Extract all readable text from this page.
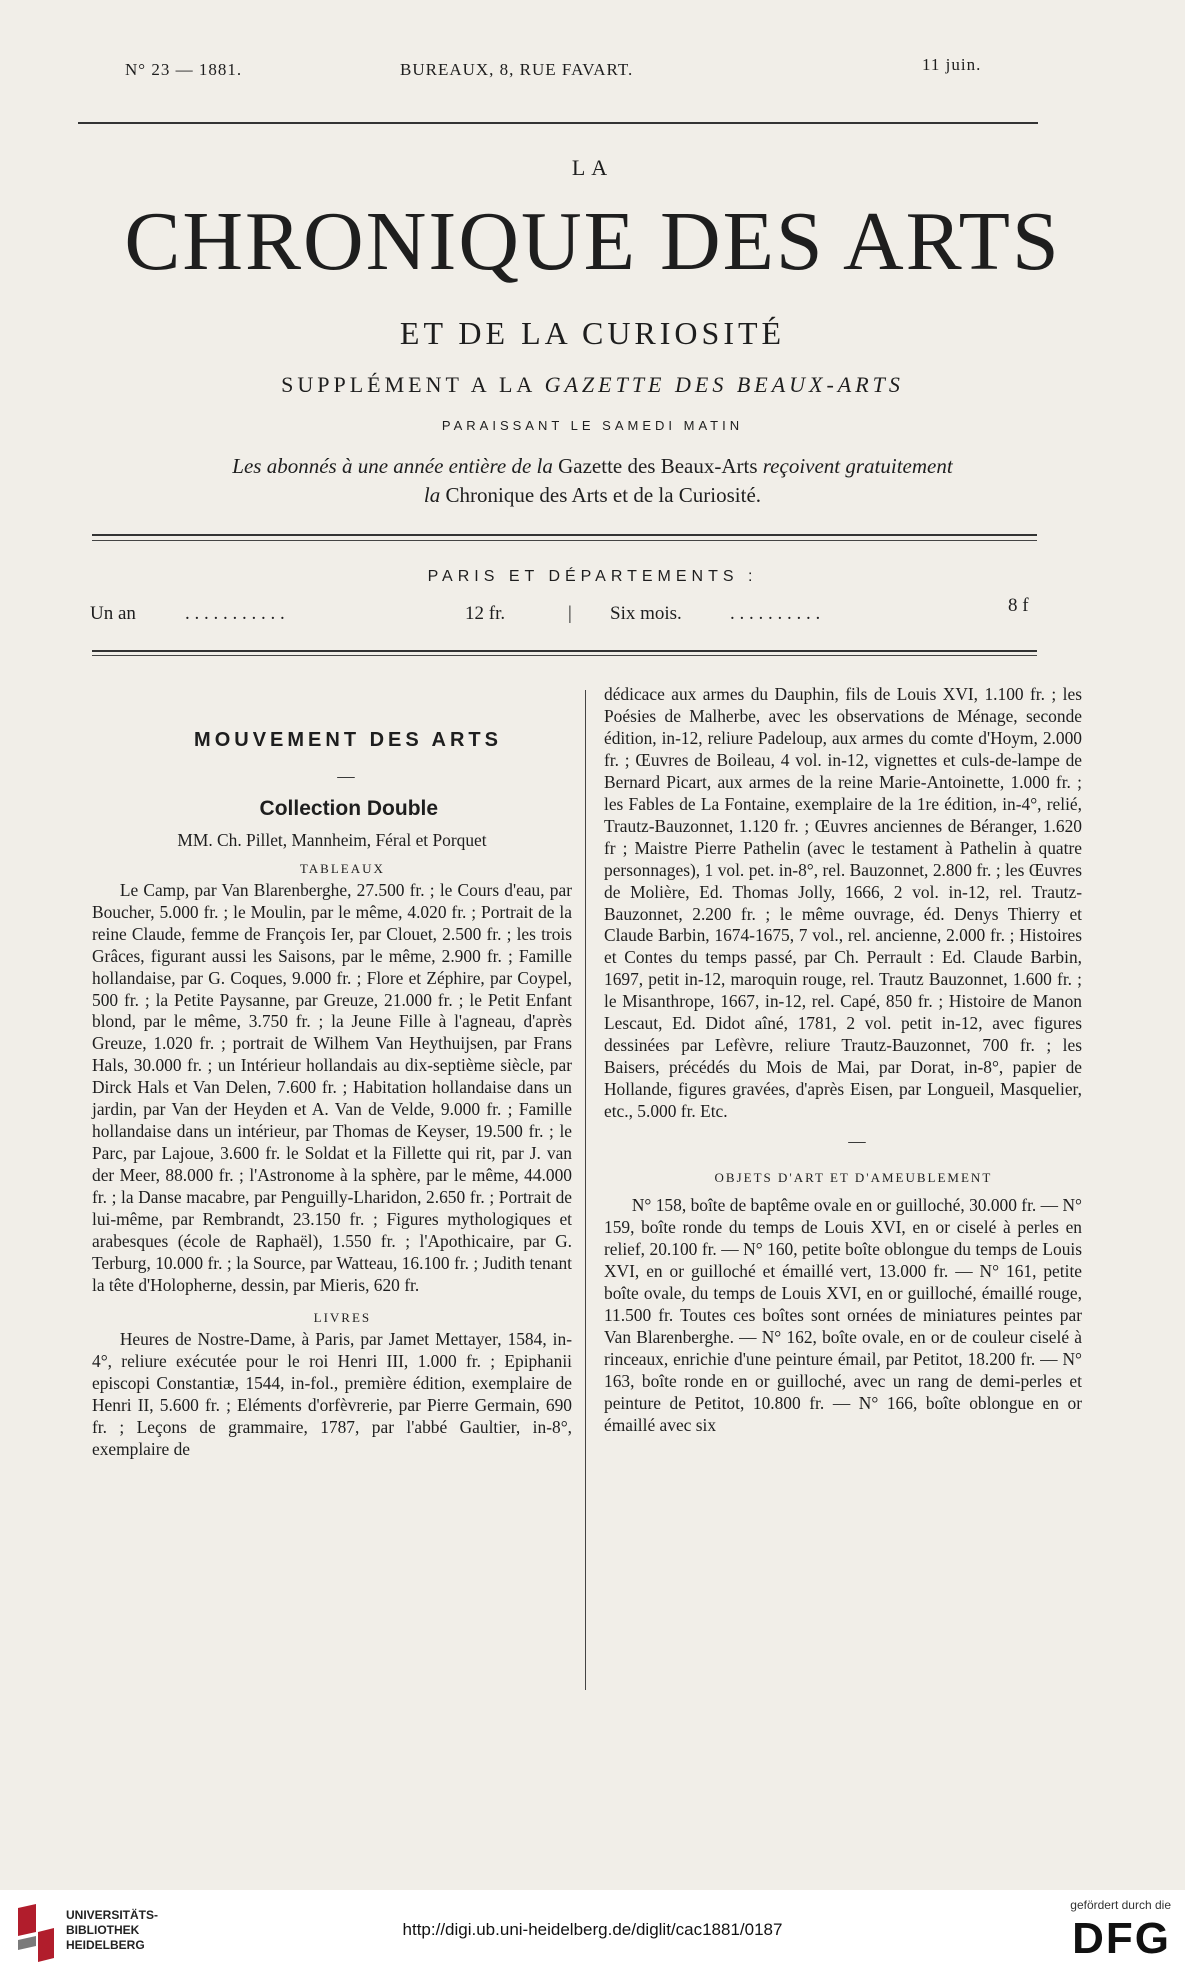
N° 23 — 1881.	BUREAUX, 8, RUE FAVART.	11 juin.
LA
CHRONIQUE DES ARTS
ET DE LA CURIOSITÉ
SUPPLÉMENT A LA GAZETTE DES BEAUX-ARTS
PARAISSANT LE SAMEDI MATIN
Les abonnés à une année entière de la Gazette des Beaux-Arts reçoivent gratuitement
la Chronique des Arts et de la Curiosité.
PARIS ET DÉPARTEMENTS :
Un an	. . . . . . . . . . .	12 fr.	| Six mois.	. . . . . . . . . .	8 f

MOUVEMENT DES ARTS

—

Collection Double

MM. Ch. Pillet, Mannheim, Féral et Porquet

TABLEAUX

Le Camp, par Van Blarenberghe, 27.500 fr. ; le Cours d'eau, par Boucher, 5.000 fr. ; le Moulin, par le même, 4.020 fr. ; Portrait de la reine Claude, femme de François Ier, par Clouet, 2.500 fr. ; les trois Grâces, figurant aussi les Saisons, par le même, 2.900 fr. ; Famille hollandaise, par G. Coques, 9.000 fr. ; Flore et Zéphire, par Coypel, 500 fr. ; la Petite Paysanne, par Greuze, 21.000 fr. ; le Petit Enfant blond, par le même, 3.750 fr. ; la Jeune Fille à l'agneau, d'après Greuze, 1.020 fr. ; portrait de Wilhem Van Heythuijsen, par Frans Hals, 30.000 fr. ; un Intérieur hollandais au dix-septième siècle, par Dirck Hals et Van Delen, 7.600 fr. ; Habitation hollandaise dans un jardin, par Van der Heyden et A. Van de Velde, 9.000 fr. ; Famille hollandaise dans un intérieur, par Thomas de Keyser, 19.500 fr. ; le Parc, par Lajoue, 3.600 fr. le Soldat et la Fillette qui rit, par J. van der Meer, 88.000 fr. ; l'Astronome à la sphère, par le même, 44.000 fr. ; la Danse macabre, par Penguilly-Lharidon, 2.650 fr. ; Portrait de lui-même, par Rembrandt, 23.150 fr. ; Figures mythologiques et arabesques (école de Raphaël), 1.550 fr. ; l'Apothicaire, par G. Terburg, 10.000 fr. ; la Source, par Watteau, 16.100 fr. ; Judith tenant la tête d'Holopherne, dessin, par Mieris, 620 fr.

LIVRES

Heures de Nostre-Dame, à Paris, par Jamet Mettayer, 1584, in-4°, reliure exécutée pour le roi Henri III, 1.000 fr. ; Epiphanii episcopi Constantiæ, 1544, in-fol., première édition, exemplaire de Henri II, 5.600 fr. ; Eléments d'orfèvrerie, par Pierre Germain, 690 fr. ; Leçons de grammaire, 1787, par l'abbé Gaultier, in-8°, exemplaire de

dédicace aux armes du Dauphin, fils de Louis XVI, 1.100 fr. ; les Poésies de Malherbe, avec les observations de Ménage, seconde édition, in-12, reliure Padeloup, aux armes du comte d'Hoym, 2.000 fr. ; Œuvres de Boileau, 4 vol. in-12, vignettes et culs-de-lampe de Bernard Picart, aux armes de la reine Marie-Antoinette, 1.000 fr. ; les Fables de La Fontaine, exemplaire de la 1re édition, in-4°, relié, Trautz-Bauzonnet, 1.120 fr. ; Œuvres anciennes de Béranger, 1.620 fr ; Maistre Pierre Pathelin (avec le testament à Pathelin à quatre personnages), 1 vol. pet. in-8°, rel. Bauzonnet, 2.800 fr. ; les Œuvres de Molière, Ed. Thomas Jolly, 1666, 2 vol. in-12, rel. Trautz-Bauzonnet, 2.200 fr. ; le même ouvrage, éd. Denys Thierry et Claude Barbin, 1674-1675, 7 vol., rel. ancienne, 2.000 fr. ; Histoires et Contes du temps passé, par Ch. Perrault : Ed. Claude Barbin, 1697, petit in-12, maroquin rouge, rel. Trautz Bauzonnet, 1.600 fr. ; le Misanthrope, 1667, in-12, rel. Capé, 850 fr. ; Histoire de Manon Lescaut, Ed. Didot aîné, 1781, 2 vol. petit in-12, avec figures dessinées par Lefèvre, reliure Trautz-Bauzonnet, 700 fr. ; les Baisers, précédés du Mois de Mai, par Dorat, in-8°, papier de Hollande, figures gravées, d'après Eisen, par Longueil, Masquelier, etc., 5.000 fr. Etc.

—

OBJETS D'ART ET D'AMEUBLEMENT

N° 158, boîte de baptême ovale en or guilloché, 30.000 fr. — N° 159, boîte ronde du temps de Louis XVI, en or ciselé à perles en relief, 20.100 fr. — N° 160, petite boîte oblongue du temps de Louis XVI, en or guilloché et émaillé vert, 13.000 fr. — N° 161, petite boîte ovale, du temps de Louis XVI, en or guilloché, émaillé rouge, 11.500 fr. Toutes ces boîtes sont ornées de miniatures peintes par Van Blarenberghe. — N° 162, boîte ovale, en or de couleur ciselé à rinceaux, enrichie d'une peinture émail, par Petitot, 18.200 fr. — N° 163, boîte ronde en or guilloché, avec un rang de demi-perles et peinture de Petitot, 10.800 fr. — N° 166, boîte oblongue en or émaillé avec six

UNIVERSITÄTS-
BIBLIOTHEK
HEIDELBERG
http://digi.ub.uni-heidelberg.de/diglit/cac1881/0187
gefördert durch die
DFG
